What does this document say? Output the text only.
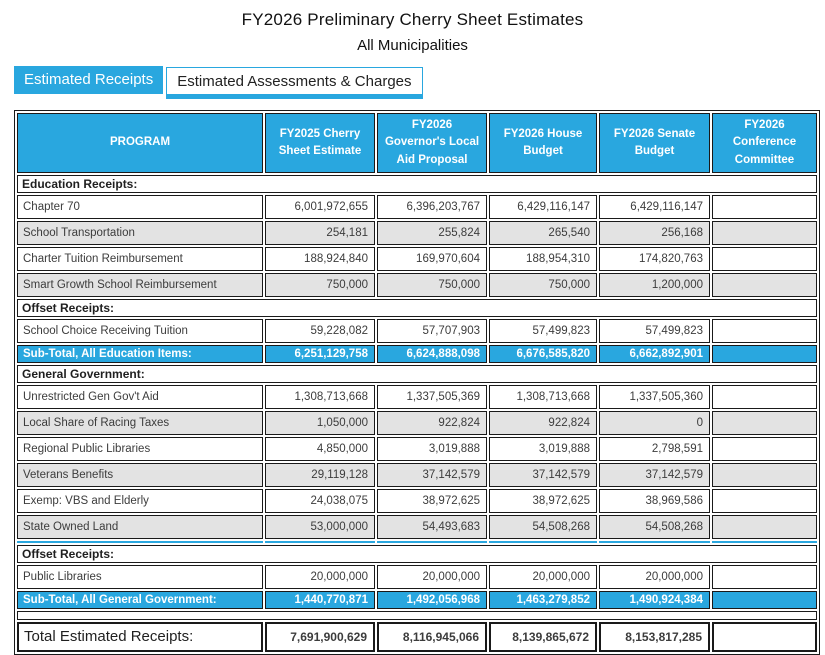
FY2026 Preliminary Cherry Sheet Estimates
All Municipalities
Estimated Receipts	Estimated Assessments & Charges
PROGRAM	FY2025 Cherry Sheet Estimate	FY2026 Governor's Local Aid Proposal	FY2026 House Budget	FY2026 Senate Budget	FY2026 Conference Committee
Education Receipts:					
Chapter 70	6,001,972,655	6,396,203,767	6,429,116,147	6,429,116,147	
School Transportation	254,181	255,824	265,540	256,168	
Charter Tuition Reimbursement	188,924,840	169,970,604	188,954,310	174,820,763	
Smart Growth School Reimbursement	750,000	750,000	750,000	1,200,000	
Offset Receipts:					
School Choice Receiving Tuition	59,228,082	57,707,903	57,499,823	57,499,823	
Sub-Total, All Education Items:	6,251,129,758	6,624,888,098	6,676,585,820	6,662,892,901	
General Government:					
Unrestricted Gen Gov't Aid	1,308,713,668	1,337,505,369	1,308,713,668	1,337,505,360	
Local Share of Racing Taxes	1,050,000	922,824	922,824	0	
Regional Public Libraries	4,850,000	3,019,888	3,019,888	2,798,591	
Veterans Benefits	29,119,128	37,142,579	37,142,579	37,142,579	
Exemp: VBS and Elderly	24,038,075	38,972,625	38,972,625	38,969,586	
State Owned Land	53,000,000	54,493,683	54,508,268	54,508,268	

Offset Receipts:					
Public Libraries	20,000,000	20,000,000	20,000,000	20,000,000	
Sub-Total, All General Government:	1,440,770,871	1,492,056,968	1,463,279,852	1,490,924,384	

Total Estimated Receipts:	7,691,900,629	8,116,945,066	8,139,865,672	8,153,817,285	
